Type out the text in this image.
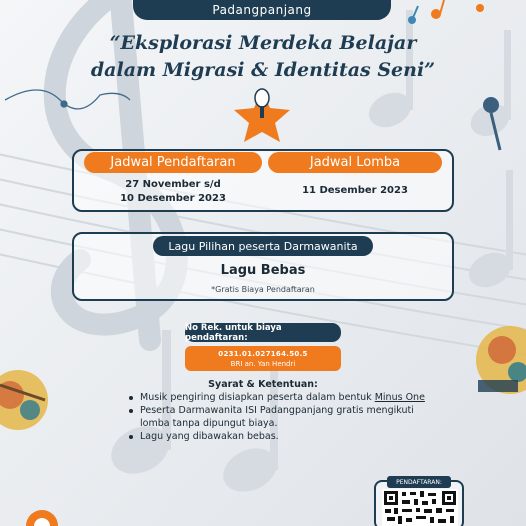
Padangpanjang
“Eksplorasi Merdeka Belajar
dalam Migrasi & Identitas Seni”
Jadwal Pendaftaran	Jadwal Lomba
27 November s/d
10 Desember 2023
11 Desember 2023
Lagu Pilihan peserta Darmawanita
Lagu Bebas
*Gratis Biaya Pendaftaran
No Rek. untuk biaya pendaftaran:
0231.01.027164.50.5
BRI an. Yan Hendri
Syarat & Ketentuan:
Musik pengiring disiapkan peserta dalam bentuk Minus One
Peserta Darmawanita ISI Padangpanjang gratis mengikuti
lomba tanpa dipungut biaya.
Lagu yang dibawakan bebas.
PENDAFTARAN:
